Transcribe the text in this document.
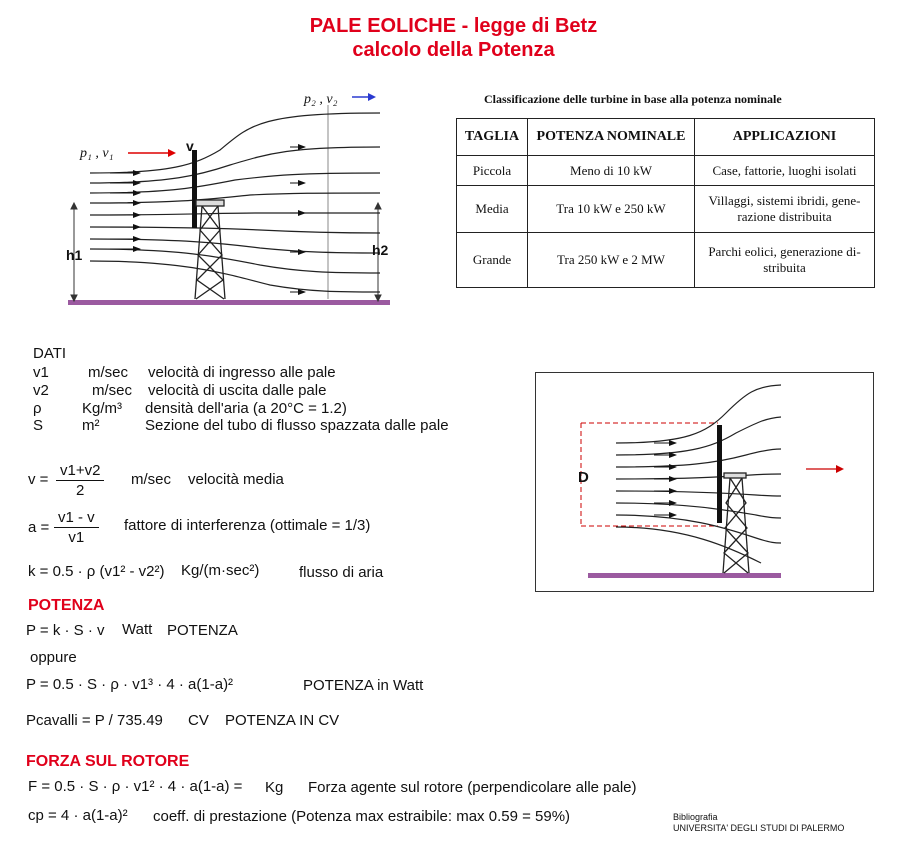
PALE EOLICHE - legge di Betz
calcolo della Potenza
p₁ , v₁
p₂ , v₂
v
h1	h2
Classificazione delle turbine in base alla potenza nominale
TAGLIA	POTENZA NOMINALE	APPLICAZIONI
Piccola	Meno di 10 kW	Case, fattorie, luoghi isolati
Media	Tra 10 kW e 250 kW	Villaggi, sistemi ibridi, gene-razione distribuita
Grande	Tra 250 kW e 2 MW	Parchi eolici, generazione di-stribuita
DATI
v1	m/sec velocità di ingresso alle pale
v2	m/sec velocità di uscita dalle pale
ρ	Kg/m³ densità dell'aria (a 20°C = 1.2)
S	m²	Sezione del tubo di flusso spazzata dalle pale
$v = \frac{v1+v2}{2} m/\sec$ velocità media
$a = \frac{v1 - v}{v1}$ fattore di interferenza (ottimale = 1/3)
k = 0.5 · ρ (v1² - v2²) Kg/(m·sec²)	flusso di aria
POTENZA
P = k · S · v Watt POTENZA
oppure
P = 0.5 · S · ρ · v1³ · 4 · a(1-a)²	POTENZA in Watt
Pcavalli = P / 735.49 CV POTENZA IN CV
FORZA SUL ROTORE
F = 0.5 · S · ρ · v1² · 4 · a(1-a) = Kg Forza agente sul rotore (perpendicolare alle pale)
cp = 4 · a(1-a)² coeff. di prestazione (Potenza max estraibile: max 0.59 = 59%)
D
Bibliografia
UNIVERSITA' DEGLI STUDI DI PALERMO
